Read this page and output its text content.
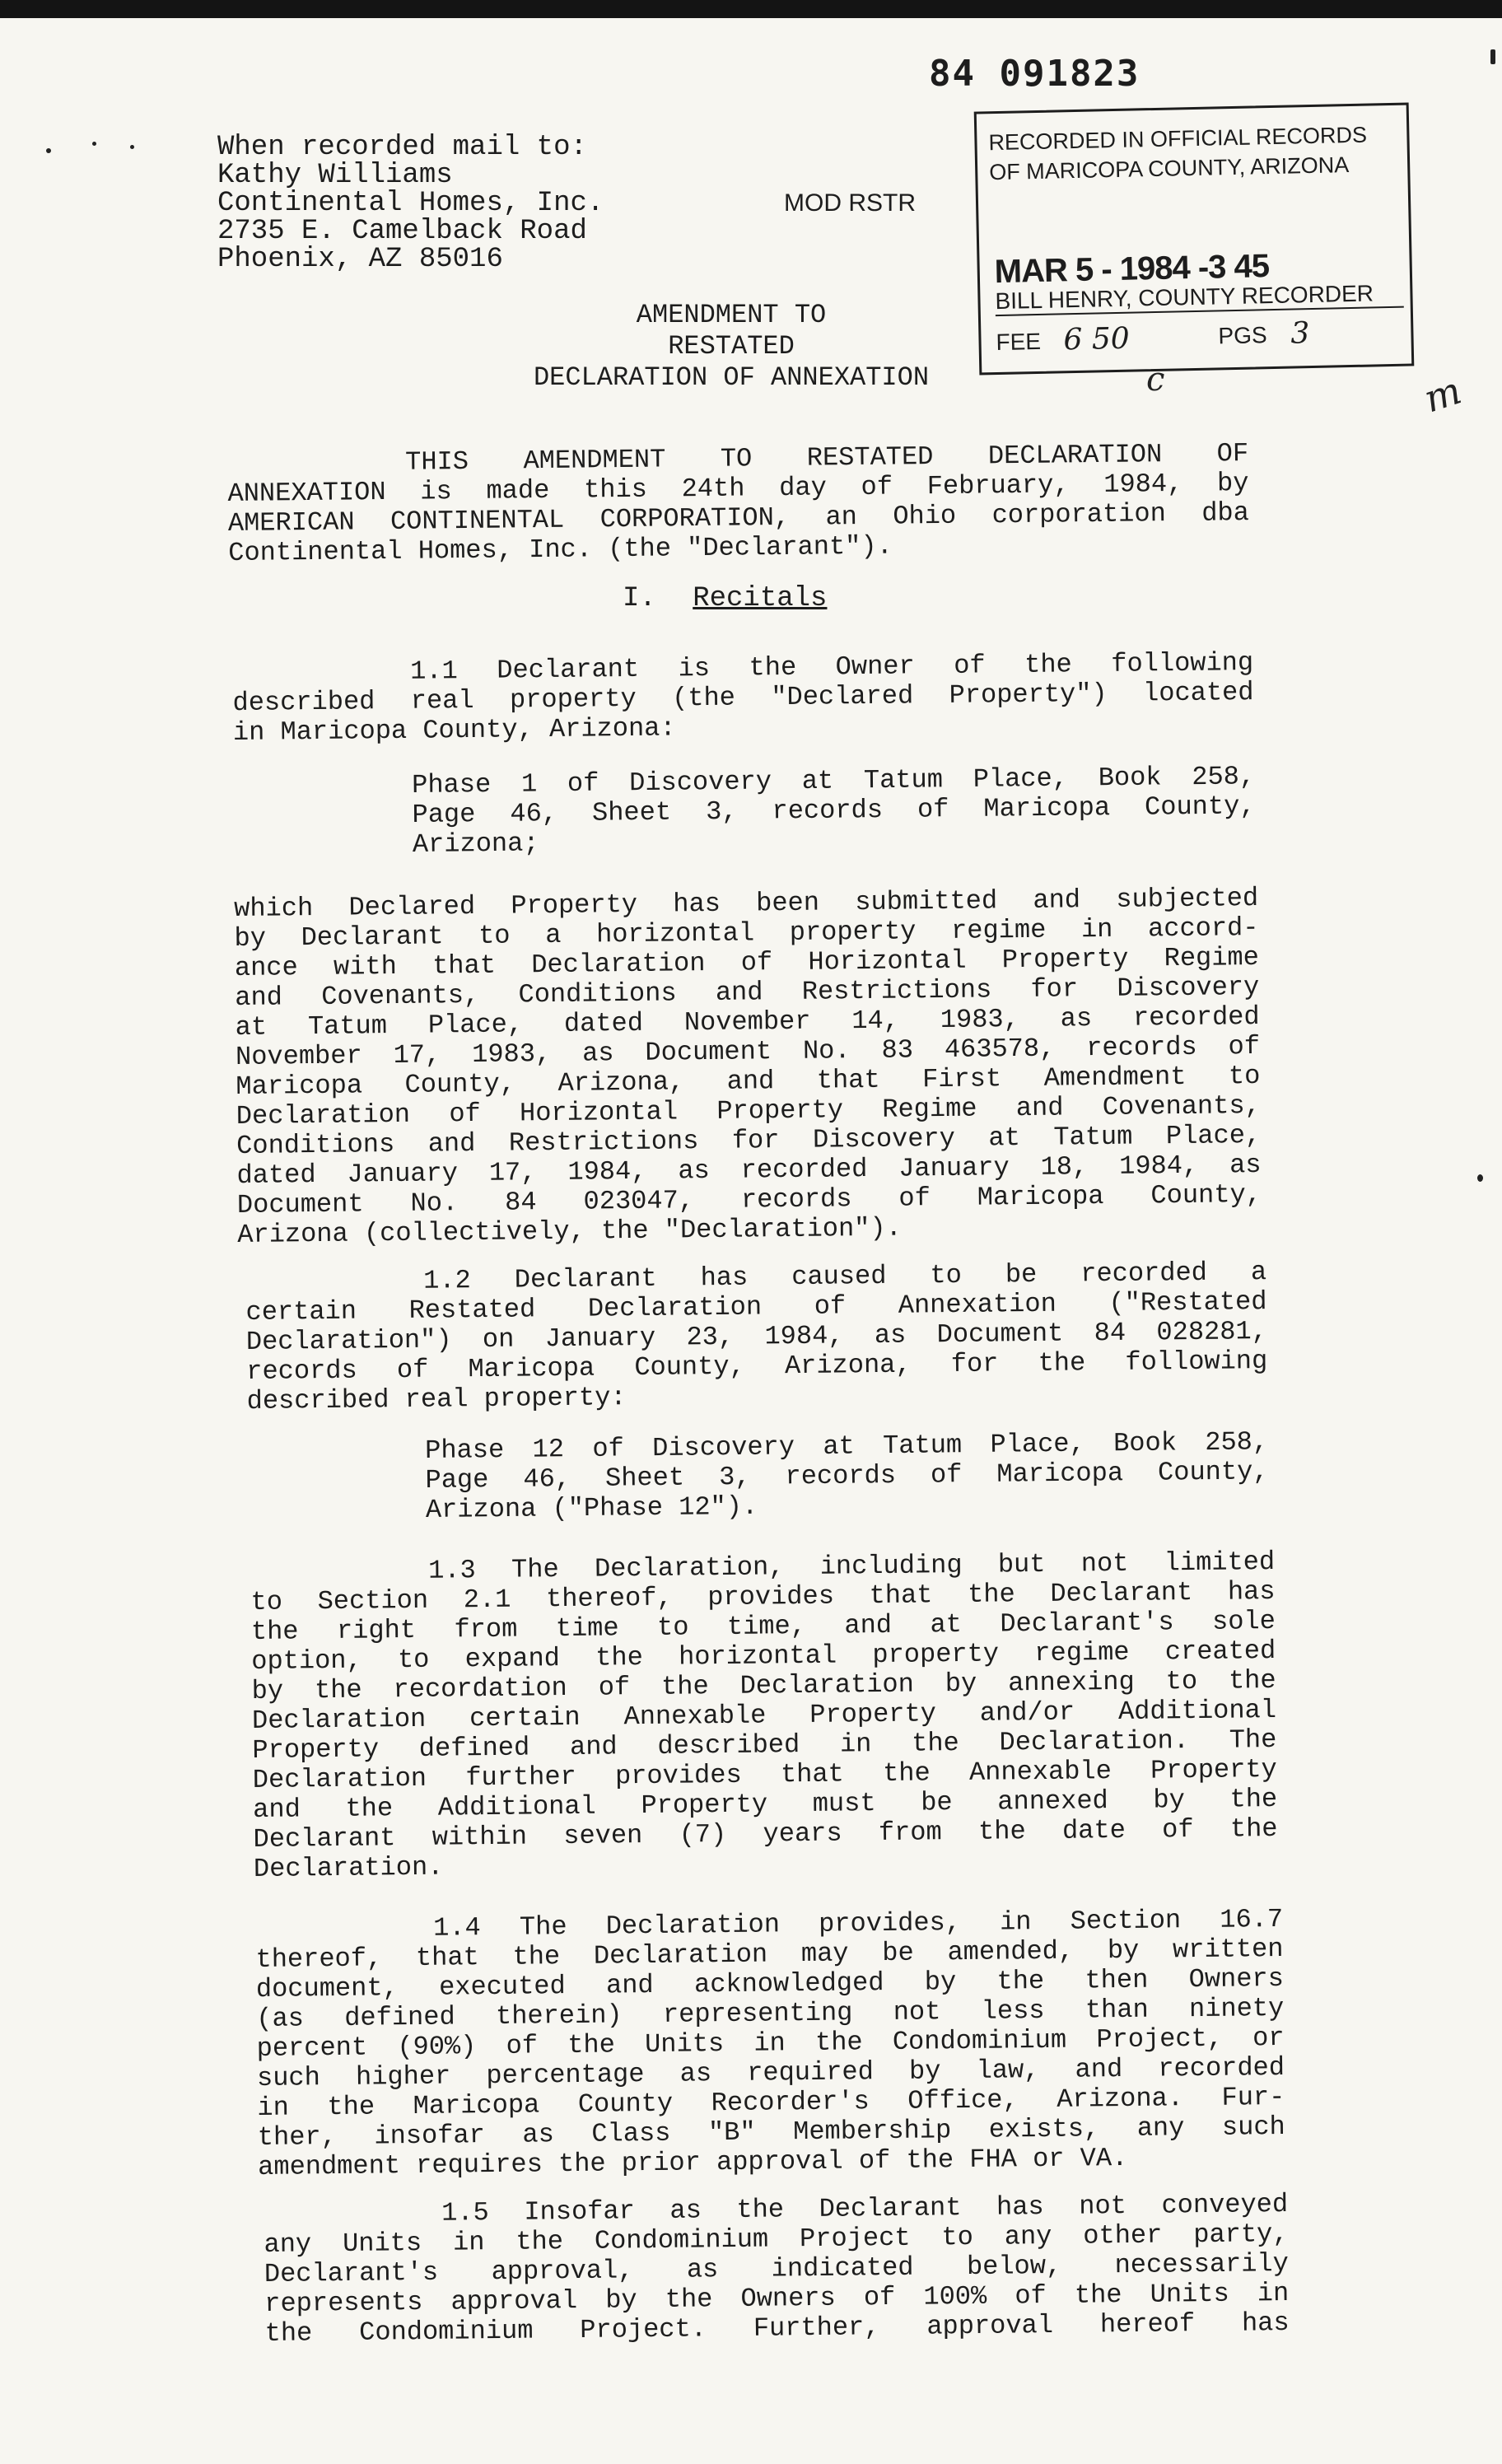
84 091823
When recorded mail to:
Kathy Williams
Continental Homes, Inc.
2735 E. Camelback Road
Phoenix, AZ 85016
MOD RSTR
RECORDED IN OFFICIAL RECORDS
OF MARICOPA COUNTY, ARIZONA
MAR 5 - 1984 -3 45
BILL HENRY, COUNTY RECORDER
FEE 6 50	PGS 3
c	m
AMENDMENT TO
RESTATED
DECLARATION OF ANNEXATION
THIS AMENDMENT TO RESTATED DECLARATION OF
ANNEXATION is made this 24th day of February, 1984, by
AMERICAN CONTINENTAL CORPORATION, an Ohio corporation dba
Continental Homes, Inc. (the "Declarant").
I. Recitals
1.1 Declarant is the Owner of the following
described real property (the "Declared Property") located
in Maricopa County, Arizona:
Phase 1 of Discovery at Tatum Place, Book 258,
Page 46, Sheet 3, records of Maricopa County,
Arizona;
which Declared Property has been submitted and subjected
by Declarant to a horizontal property regime in accord-
ance with that Declaration of Horizontal Property Regime
and Covenants, Conditions and Restrictions for Discovery
at Tatum Place, dated November 14, 1983, as recorded
November 17, 1983, as Document No. 83 463578, records of
Maricopa County, Arizona, and that First Amendment to
Declaration of Horizontal Property Regime and Covenants,
Conditions and Restrictions for Discovery at Tatum Place,
dated January 17, 1984, as recorded January 18, 1984, as
Document No. 84 023047, records of Maricopa County,
Arizona (collectively, the "Declaration").
1.2 Declarant has caused to be recorded a
certain Restated Declaration of Annexation ("Restated
Declaration") on January 23, 1984, as Document 84 028281,
records of Maricopa County, Arizona, for the following
described real property:
Phase 12 of Discovery at Tatum Place, Book 258,
Page 46, Sheet 3, records of Maricopa County,
Arizona ("Phase 12").
1.3 The Declaration, including but not limited
to Section 2.1 thereof, provides that the Declarant has
the right from time to time, and at Declarant's sole
option, to expand the horizontal property regime created
by the recordation of the Declaration by annexing to the
Declaration certain Annexable Property and/or Additional
Property defined and described in the Declaration. The
Declaration further provides that the Annexable Property
and the Additional Property must be annexed by the
Declarant within seven (7) years from the date of the
Declaration.
1.4 The Declaration provides, in Section 16.7
thereof, that the Declaration may be amended, by written
document, executed and acknowledged by the then Owners
(as defined therein) representing not less than ninety
percent (90%) of the Units in the Condominium Project, or
such higher percentage as required by law, and recorded
in the Maricopa County Recorder's Office, Arizona. Fur-
ther, insofar as Class "B" Membership exists, any such
amendment requires the prior approval of the FHA or VA.
1.5 Insofar as the Declarant has not conveyed
any Units in the Condominium Project to any other party,
Declarant's approval, as indicated below, necessarily
represents approval by the Owners of 100% of the Units in
the Condominium Project. Further, approval hereof has
